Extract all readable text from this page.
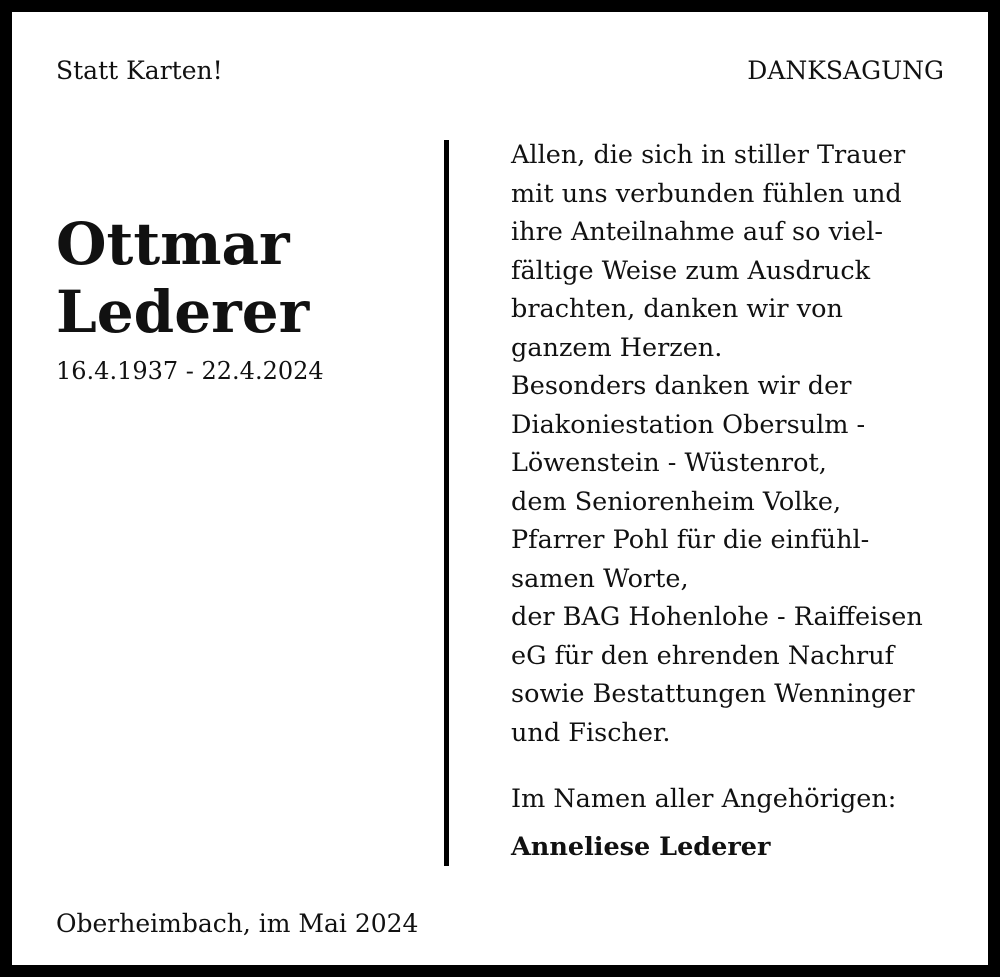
Statt Karten!	DANKSAGUNG
Ottmar
Lederer
16.4.1937 - 22.4.2024
Allen, die sich in stiller Trauer
mit uns verbunden fühlen und
ihre Anteilnahme auf so viel-
fältige Weise zum Ausdruck
brachten, danken wir von
ganzem Herzen.
Besonders danken wir der
Diakoniestation Obersulm -
Löwenstein - Wüstenrot,
dem Seniorenheim Volke,
Pfarrer Pohl für die einfühl-
samen Worte,
der BAG Hohenlohe - Raiffeisen
eG für den ehrenden Nachruf
sowie Bestattungen Wenninger
und Fischer.
Im Namen aller Angehörigen:
Anneliese Lederer
Oberheimbach, im Mai 2024
